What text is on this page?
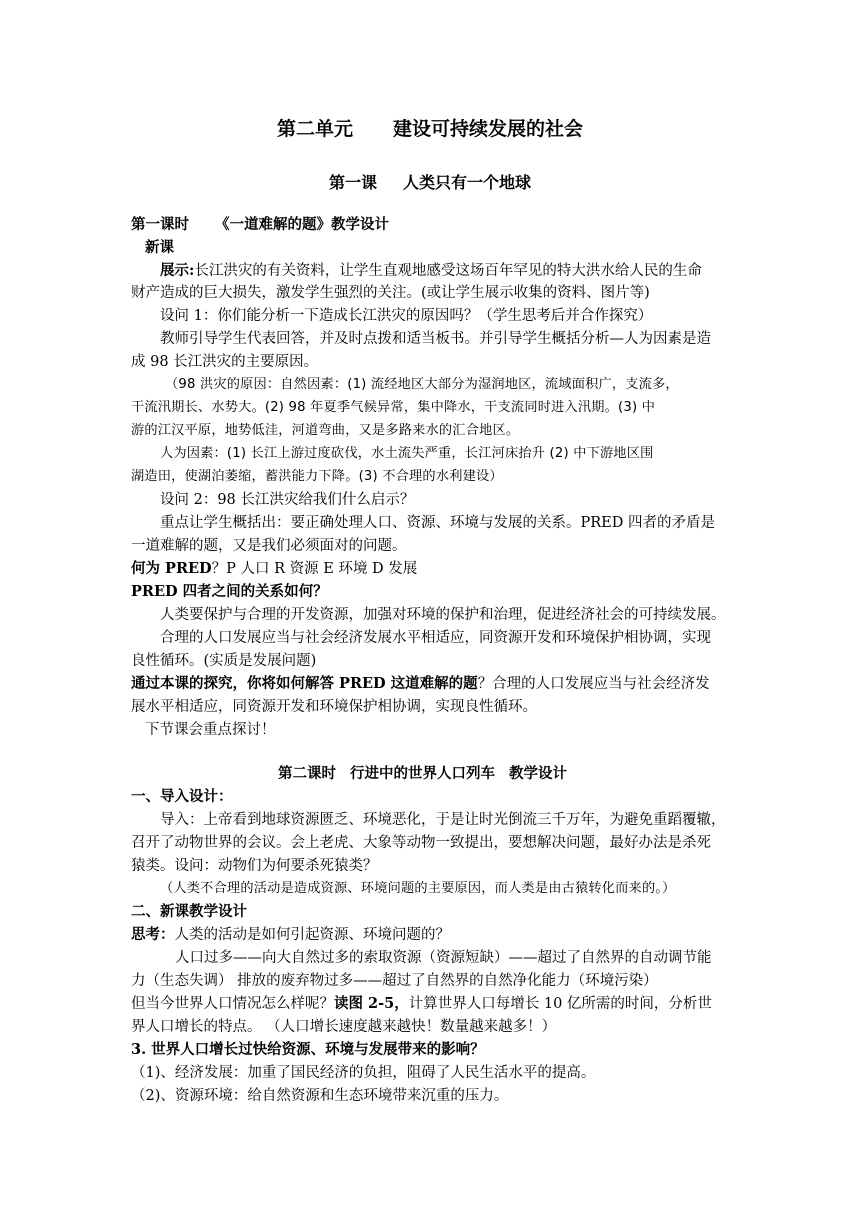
第二单元 建设可持续发展的社会
第一课 人类只有一个地球
第一课时 《一道难解的题》教学设计
新课
展示:长江洪灾的有关资料，让学生直观地感受这场百年罕见的特大洪水给人民的生命
财产造成的巨大损失，激发学生强烈的关注。(或让学生展示收集的资料、图片等)
设问 1：你们能分析一下造成长江洪灾的原因吗？（学生思考后并合作探究）
教师引导学生代表回答，并及时点拨和适当板书。并引导学生概括分析—人为因素是造
成 98 长江洪灾的主要原因。
（98 洪灾的原因：自然因素：(1) 流经地区大部分为湿润地区，流域面积广，支流多，
干流汛期长、水势大。(2) 98 年夏季气候异常，集中降水，干支流同时进入汛期。(3) 中
游的江汉平原，地势低洼，河道弯曲，又是多路来水的汇合地区。
人为因素：(1) 长江上游过度砍伐，水土流失严重，长江河床抬升 (2) 中下游地区围
湖造田，使湖泊萎缩，蓄洪能力下降。(3) 不合理的水利建设）
设问 2：98 长江洪灾给我们什么启示？
重点让学生概括出：要正确处理人口、资源、环境与发展的关系。PRED 四者的矛盾是
一道难解的题，又是我们必须面对的问题。
何为 PRED？P 人口 R 资源 E 环境 D 发展
PRED 四者之间的关系如何？
人类要保护与合理的开发资源，加强对环境的保护和治理，促进经济社会的可持续发展。
合理的人口发展应当与社会经济发展水平相适应，同资源开发和环境保护相协调，实现
良性循环。(实质是发展问题)
通过本课的探究，你将如何解答 PRED 这道难解的题？合理的人口发展应当与社会经济发
展水平相适应，同资源开发和环境保护相协调，实现良性循环。
下节课会重点探讨！
第二课时 行进中的世界人口列车 教学设计
一、导入设计：
导入：上帝看到地球资源匮乏、环境恶化，于是让时光倒流三千万年，为避免重蹈覆辙，
召开了动物世界的会议。会上老虎、大象等动物一致提出，要想解决问题，最好办法是杀死
猿类。设问：动物们为何要杀死猿类？
（人类不合理的活动是造成资源、环境问题的主要原因，而人类是由古猿转化而来的。）
二、新课教学设计
思考：人类的活动是如何引起资源、环境问题的？
人口过多——向大自然过多的索取资源（资源短缺）——超过了自然界的自动调节能
力（生态失调） 排放的废弃物过多——超过了自然界的自然净化能力（环境污染）
但当今世界人口情况怎么样呢？读图 2-5，计算世界人口每增长 10 亿所需的时间，分析世
界人口增长的特点。 （人口增长速度越来越快！数量越来越多！）
3. 世界人口增长过快给资源、环境与发展带来的影响？
（1)、经济发展：加重了国民经济的负担，阻碍了人民生活水平的提高。
（2)、资源环境：给自然资源和生态环境带来沉重的压力。
